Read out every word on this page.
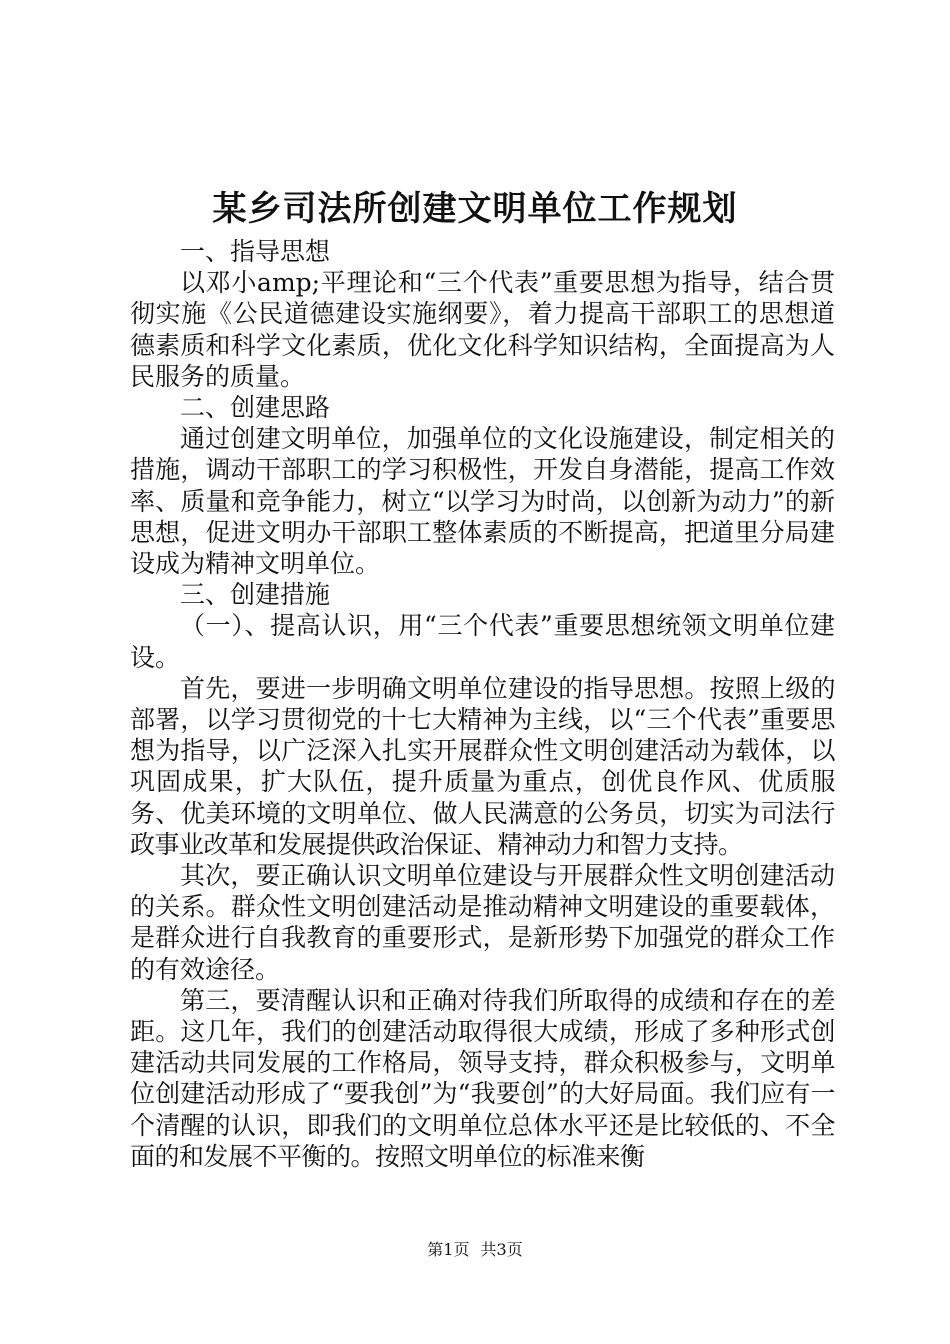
某乡司法所创建文明单位工作规划

一、指导思想

以邓小amp;平理论和“三个代表”重要思想为指导，结合贯彻实施《公民道德建设实施纲要》，着力提高干部职工的思想道德素质和科学文化素质，优化文化科学知识结构，全面提高为人民服务的质量。

二、创建思路

通过创建文明单位，加强单位的文化设施建设，制定相关的措施，调动干部职工的学习积极性，开发自身潜能，提高工作效率、质量和竞争能力，树立“以学习为时尚，以创新为动力”的新思想，促进文明办干部职工整体素质的不断提高，把道里分局建设成为精神文明单位。

三、创建措施

（一）、提高认识，用“三个代表”重要思想统领文明单位建设。

首先，要进一步明确文明单位建设的指导思想。按照上级的部署，以学习贯彻党的十七大精神为主线，以“三个代表”重要思想为指导，以广泛深入扎实开展群众性文明创建活动为载体，以巩固成果，扩大队伍，提升质量为重点，创优良作风、优质服务、优美环境的文明单位、做人民满意的公务员，切实为司法行政事业改革和发展提供政治保证、精神动力和智力支持。

其次，要正确认识文明单位建设与开展群众性文明创建活动的关系。群众性文明创建活动是推动精神文明建设的重要载体，是群众进行自我教育的重要形式，是新形势下加强党的群众工作的有效途径。

第三，要清醒认识和正确对待我们所取得的成绩和存在的差距。这几年，我们的创建活动取得很大成绩，形成了多种形式创建活动共同发展的工作格局，领导支持，群众积极参与，文明单位创建活动形成了“要我创”为“我要创”的大好局面。我们应有一个清醒的认识，即我们的文明单位总体水平还是比较低的、不全面的和发展不平衡的。按照文明单位的标准来衡

第1页 共3页
